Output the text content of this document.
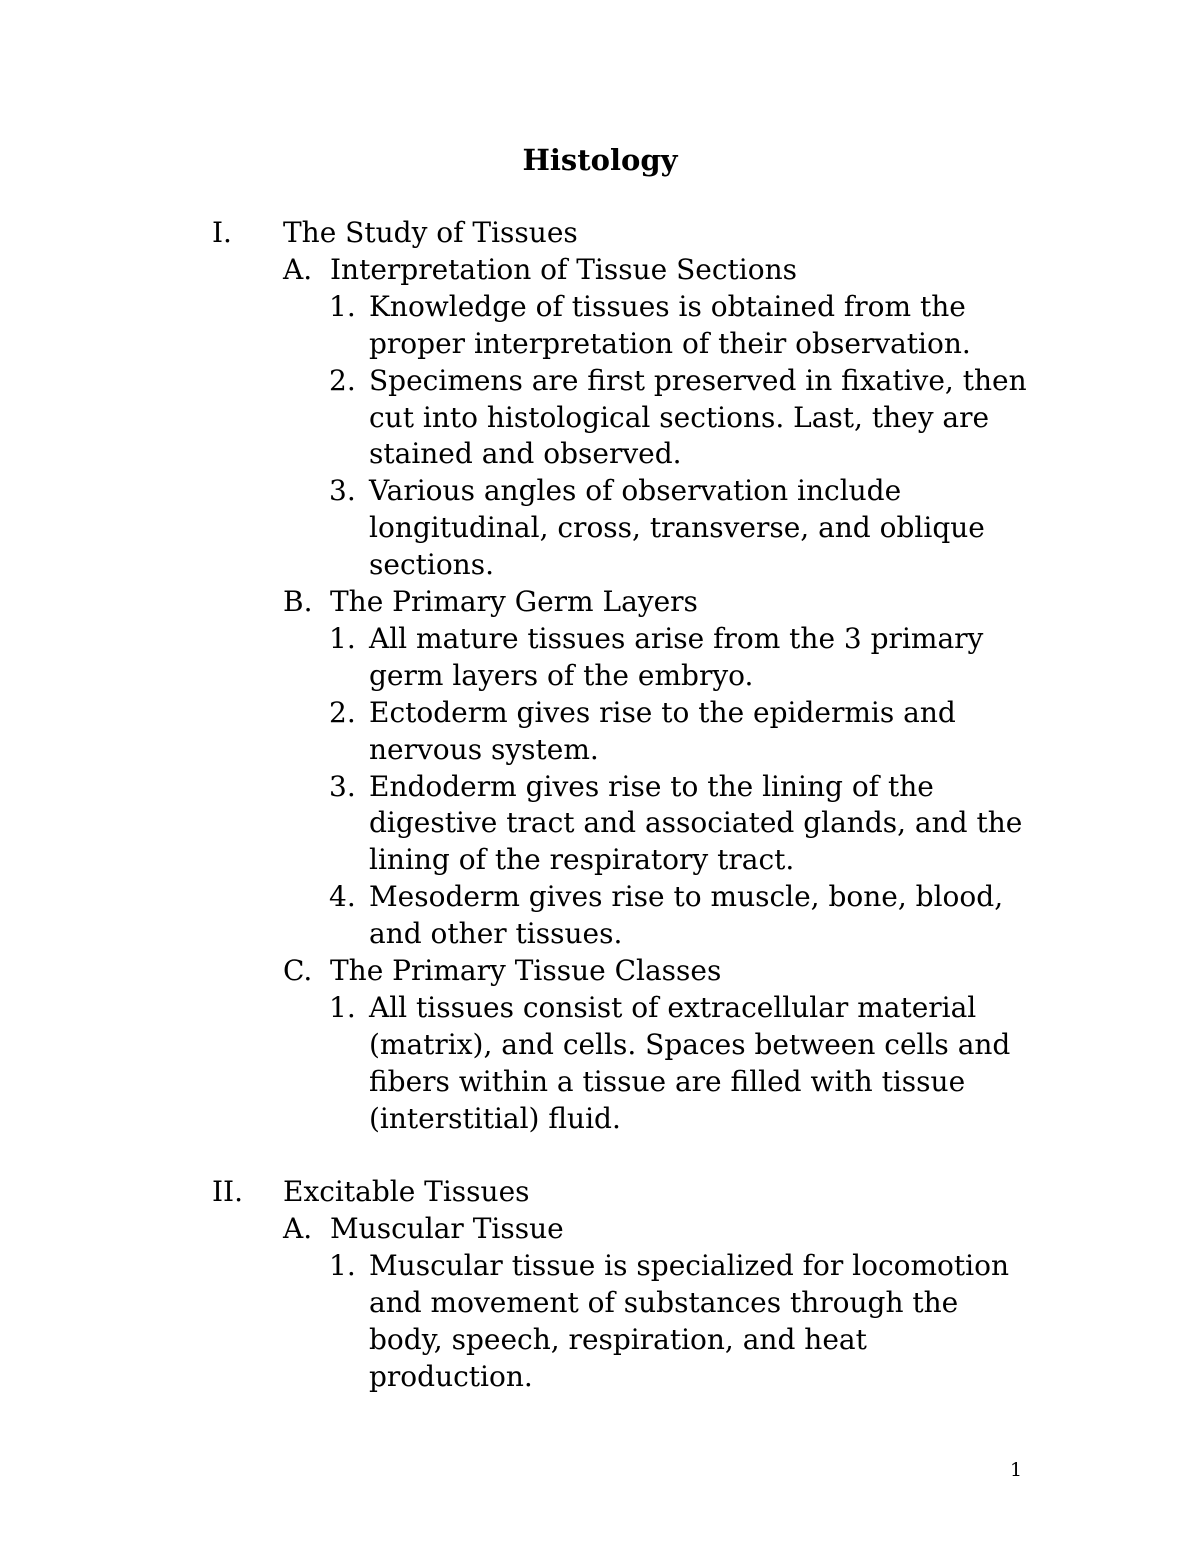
Histology
I. The Study of Tissues
A. Interpretation of Tissue Sections
1. Knowledge of tissues is obtained from the proper interpretation of their observation.
2. Specimens are first preserved in fixative, then cut into histological sections. Last, they are stained and observed.
3. Various angles of observation include longitudinal, cross, transverse, and oblique sections.
B. The Primary Germ Layers
1. All mature tissues arise from the 3 primary germ layers of the embryo.
2. Ectoderm gives rise to the epidermis and nervous system.
3. Endoderm gives rise to the lining of the digestive tract and associated glands, and the lining of the respiratory tract.
4. Mesoderm gives rise to muscle, bone, blood, and other tissues.
C. The Primary Tissue Classes
1. All tissues consist of extracellular material (matrix), and cells. Spaces between cells and fibers within a tissue are filled with tissue (interstitial) fluid.
II. Excitable Tissues
A. Muscular Tissue
1. Muscular tissue is specialized for locomotion and movement of substances through the body, speech, respiration, and heat production.
1
